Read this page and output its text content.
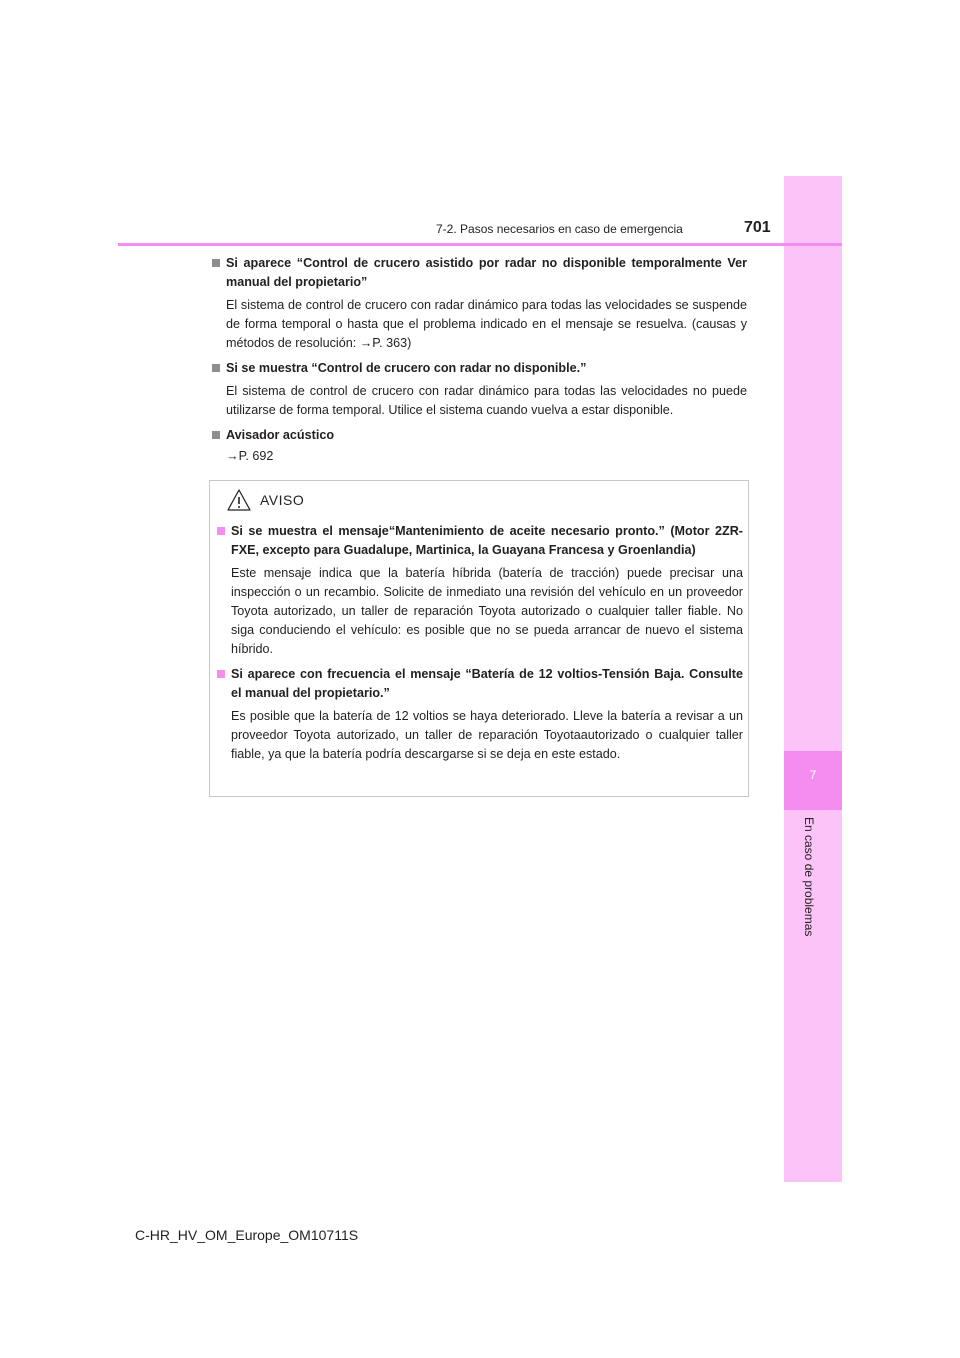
7
En caso de problemas
7-2. Pasos necesarios en caso de emergencia	701
Si aparece “Control de crucero asistido por radar no disponible temporalmente Ver manual del propietario”
El sistema de control de crucero con radar dinámico para todas las velocidades se suspende de forma temporal o hasta que el problema indicado en el mensaje se resuelva. (causas y métodos de resolución: →P. 363)
Si se muestra “Control de crucero con radar no disponible.”
El sistema de control de crucero con radar dinámico para todas las velocidades no puede utilizarse de forma temporal. Utilice el sistema cuando vuelva a estar disponible.
Avisador acústico
→P. 692
AVISO
Si se muestra el mensaje“Mantenimiento de aceite necesario pronto.” (Motor 2ZR-FXE, excepto para Guadalupe, Martinica, la Guayana Francesa y Groenlandia)
Este mensaje indica que la batería híbrida (batería de tracción) puede precisar una inspección o un recambio. Solicite de inmediato una revisión del vehículo en un proveedor Toyota autorizado, un taller de reparación Toyota autorizado o cualquier taller fiable. No siga conduciendo el vehículo: es posible que no se pueda arrancar de nuevo el sistema híbrido.
Si aparece con frecuencia el mensaje “Batería de 12 voltios-Tensión Baja. Consulte el manual del propietario.”
Es posible que la batería de 12 voltios se haya deteriorado. Lleve la batería a revisar a un proveedor Toyota autorizado, un taller de reparación Toyotaautorizado o cualquier taller fiable, ya que la batería podría descargarse si se deja en este estado.
C-HR_HV_OM_Europe_OM10711S
